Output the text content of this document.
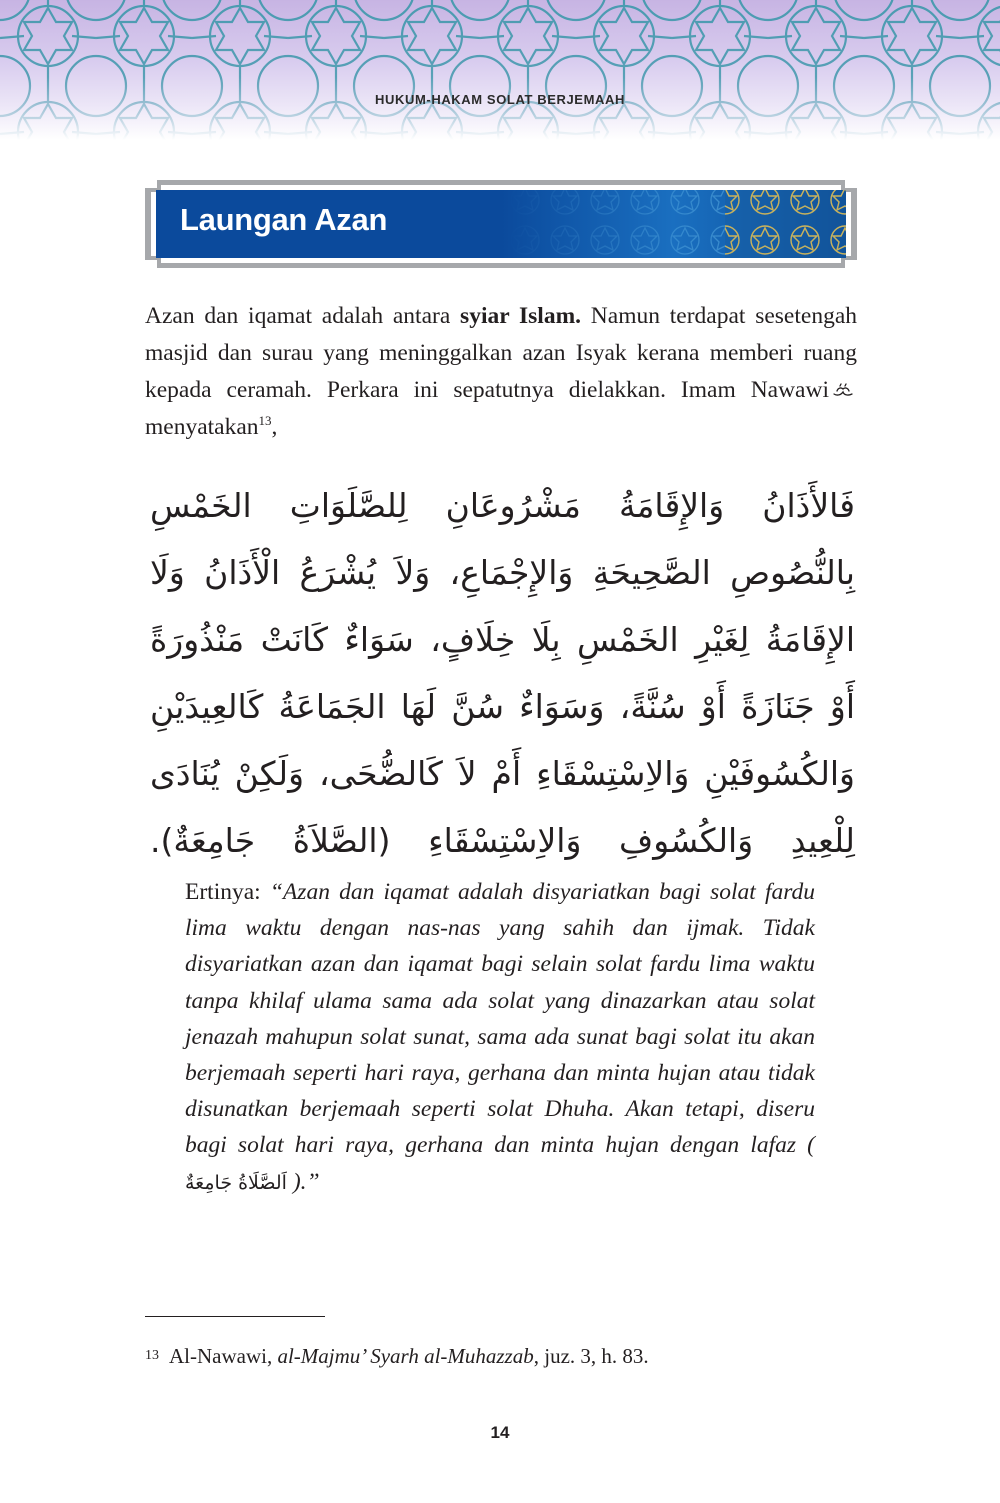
HUKUM-HAKAM SOLAT BERJEMAAH
Laungan Azan

Azan dan iqamat adalah antara syiar Islam. Namun terdapat sesetengah masjid dan surau yang meninggalkan azan Isyak kerana memberi ruang kepada ceramah. Perkara ini sepatutnya dielakkan. Imam Nawawi menyatakan$^{13}$,

فَالأَذَانُ وَالإِقَامَةُ مَشْرُوعَانِ لِلصَّلَوَاتِ الخَمْسِ
بِالنُّصُوصِ الصَّحِيحَةِ وَالإِجْمَاعِ، وَلاَ يُشْرَعُ الْأَذَانُ وَلَا
الإِقَامَةُ لِغَيْرِ الخَمْسِ بِلَا خِلَافٍ، سَوَاءٌ كَانَتْ مَنْذُورَةً
أَوْ جَنَازَةً أَوْ سُنَّةً، وَسَوَاءٌ سُنَّ لَهَا الجَمَاعَةُ كَالعِيدَيْنِ
وَالكُسُوفَيْنِ وَالاِسْتِسْقَاءِ أَمْ لاَ كَالضُّحَى، وَلَكِنْ يُنَادَى
لِلْعِيدِ وَالكُسُوفِ وَالاِسْتِسْقَاءِ (الصَّلاَةُ جَامِعَةٌ).

Ertinya: “Azan dan iqamat adalah disyariatkan bagi solat fardu lima waktu dengan nas-nas yang sahih dan ijmak. Tidak disyariatkan azan dan iqamat bagi selain solat fardu lima waktu tanpa khilaf ulama sama ada solat yang dinazarkan atau solat jenazah mahupun solat sunat, sama ada sunat bagi solat itu akan berjemaah seperti hari raya, gerhana dan minta hujan atau tidak disunatkan berjemaah seperti solat Dhuha. Akan tetapi, diseru bagi solat hari raya, gerhana dan minta hujan dengan lafaz ( اَلصَّلَاةُ جَامِعَةٌ ).”

13 Al-Nawawi, al-Majmu’ Syarh al-Muhazzab, juz. 3, h. 83.

14
